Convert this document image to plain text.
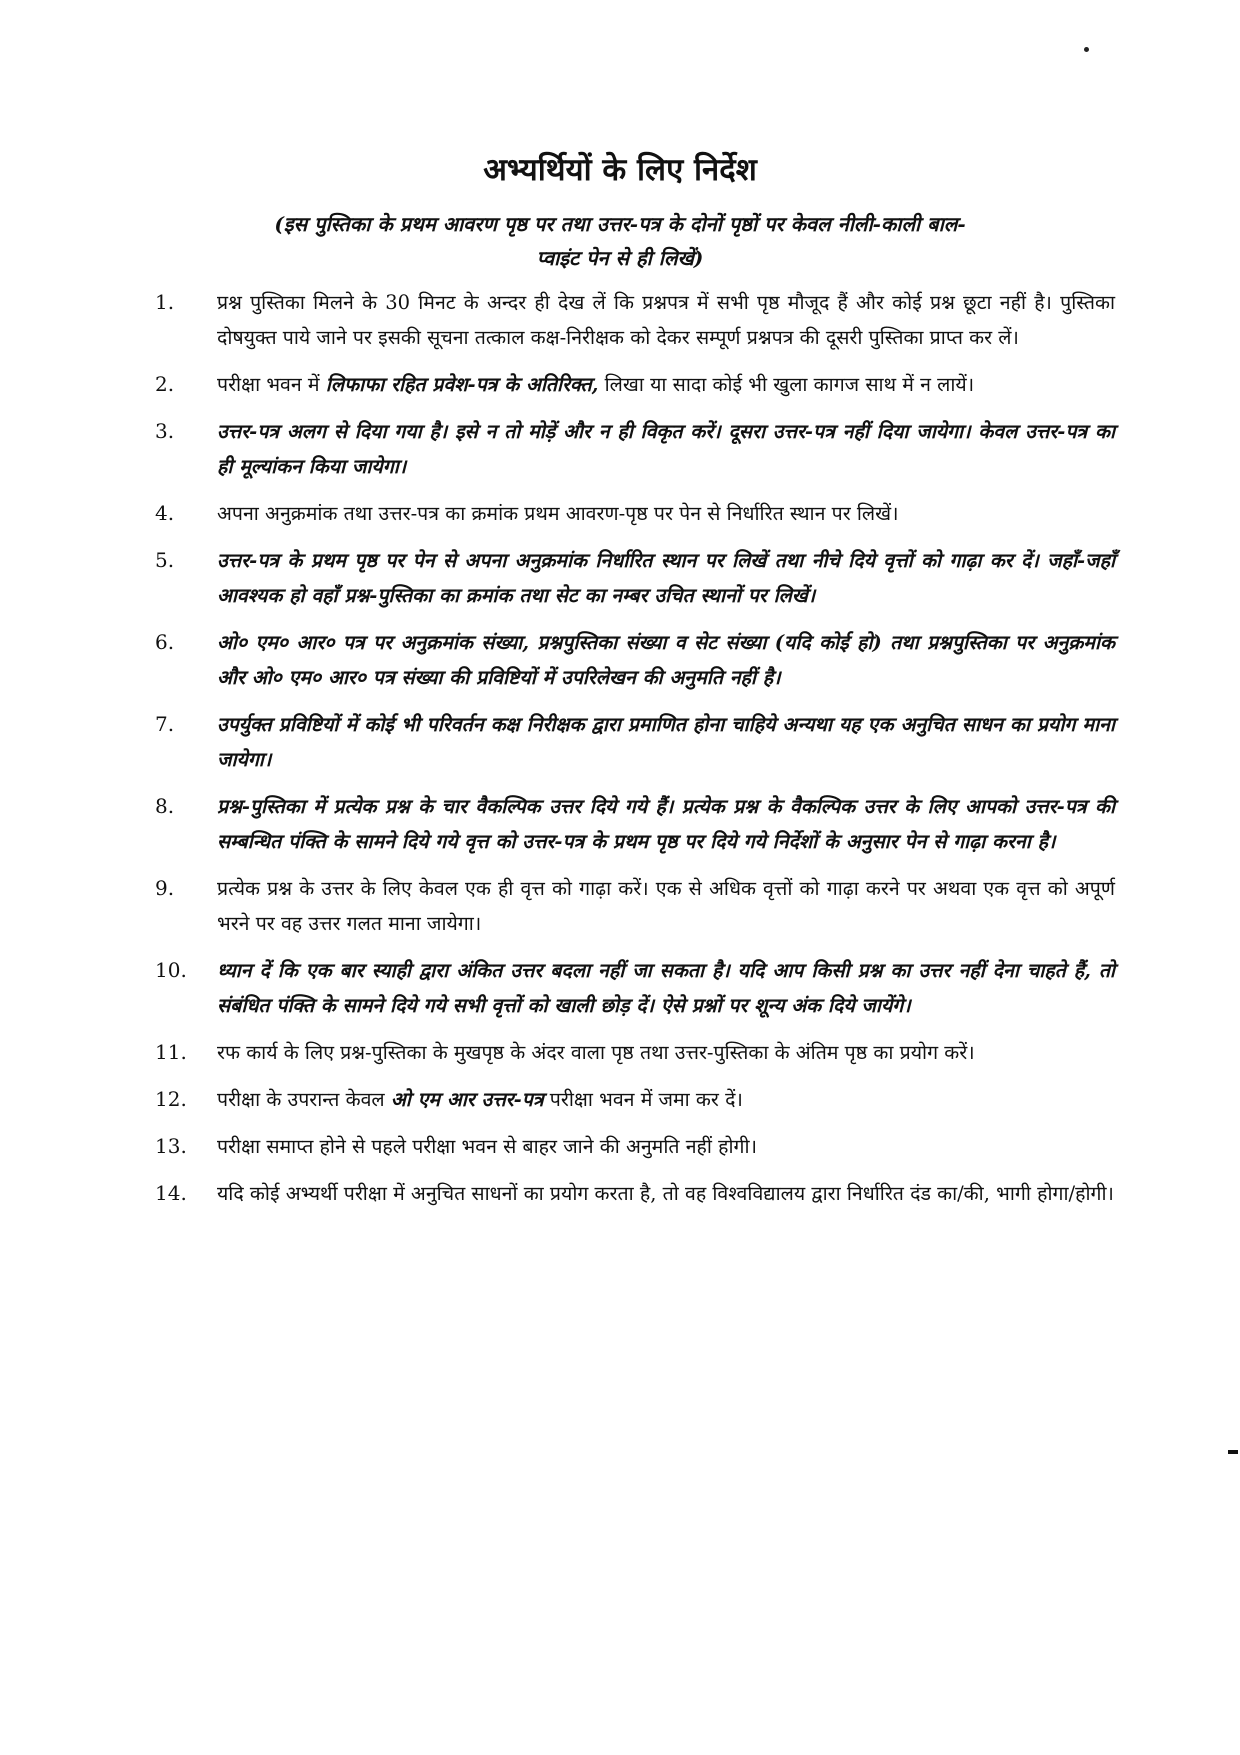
अभ्यर्थियों के लिए निर्देश

(इस पुस्तिका के प्रथम आवरण पृष्ठ पर तथा उत्तर-पत्र के दोनों पृष्ठों पर केवल नीली-काली बाल-प्वाइंट पेन से ही लिखें)

1.	प्रश्न पुस्तिका मिलने के 30 मिनट के अन्दर ही देख लें कि प्रश्नपत्र में सभी पृष्ठ मौजूद हैं और कोई प्रश्न छूटा नहीं है। पुस्तिका दोषयुक्त पाये जाने पर इसकी सूचना तत्काल कक्ष-निरीक्षक को देकर सम्पूर्ण प्रश्नपत्र की दूसरी पुस्तिका प्राप्त कर लें।
2.	परीक्षा भवन में लिफाफा रहित प्रवेश-पत्र के अतिरिक्त, लिखा या सादा कोई भी खुला कागज साथ में न लायें।
3.	उत्तर-पत्र अलग से दिया गया है। इसे न तो मोड़ें और न ही विकृत करें। दूसरा उत्तर-पत्र नहीं दिया जायेगा। केवल उत्तर-पत्र का ही मूल्यांकन किया जायेगा।
4.	अपना अनुक्रमांक तथा उत्तर-पत्र का क्रमांक प्रथम आवरण-पृष्ठ पर पेन से निर्धारित स्थान पर लिखें।
5.	उत्तर-पत्र के प्रथम पृष्ठ पर पेन से अपना अनुक्रमांक निर्धारित स्थान पर लिखें तथा नीचे दिये वृत्तों को गाढ़ा कर दें। जहाँ-जहाँ आवश्यक हो वहाँ प्रश्न-पुस्तिका का क्रमांक तथा सेट का नम्बर उचित स्थानों पर लिखें।
6.	ओ० एम० आर० पत्र पर अनुक्रमांक संख्या, प्रश्नपुस्तिका संख्या व सेट संख्या (यदि कोई हो) तथा प्रश्नपुस्तिका पर अनुक्रमांक और ओ० एम० आर० पत्र संख्या की प्रविष्टियों में उपरिलेखन की अनुमति नहीं है।
7.	उपर्युक्त प्रविष्टियों में कोई भी परिवर्तन कक्ष निरीक्षक द्वारा प्रमाणित होना चाहिये अन्यथा यह एक अनुचित साधन का प्रयोग माना जायेगा।
8.	प्रश्न-पुस्तिका में प्रत्येक प्रश्न के चार वैकल्पिक उत्तर दिये गये हैं। प्रत्येक प्रश्न के वैकल्पिक उत्तर के लिए आपको उत्तर-पत्र की सम्बन्धित पंक्ति के सामने दिये गये वृत्त को उत्तर-पत्र के प्रथम पृष्ठ पर दिये गये निर्देशों के अनुसार पेन से गाढ़ा करना है।
9.	प्रत्येक प्रश्न के उत्तर के लिए केवल एक ही वृत्त को गाढ़ा करें। एक से अधिक वृत्तों को गाढ़ा करने पर अथवा एक वृत्त को अपूर्ण भरने पर वह उत्तर गलत माना जायेगा।
10.	ध्यान दें कि एक बार स्याही द्वारा अंकित उत्तर बदला नहीं जा सकता है। यदि आप किसी प्रश्न का उत्तर नहीं देना चाहते हैं, तो संबंधित पंक्ति के सामने दिये गये सभी वृत्तों को खाली छोड़ दें। ऐसे प्रश्नों पर शून्य अंक दिये जायेंगे।
11.	रफ कार्य के लिए प्रश्न-पुस्तिका के मुखपृष्ठ के अंदर वाला पृष्ठ तथा उत्तर-पुस्तिका के अंतिम पृष्ठ का प्रयोग करें।
12.	परीक्षा के उपरान्त केवल ओ एम आर उत्तर-पत्र परीक्षा भवन में जमा कर दें।
13.	परीक्षा समाप्त होने से पहले परीक्षा भवन से बाहर जाने की अनुमति नहीं होगी।
14.	यदि कोई अभ्यर्थी परीक्षा में अनुचित साधनों का प्रयोग करता है, तो वह विश्वविद्यालय द्वारा निर्धारित दंड का/की, भागी होगा/होगी।
